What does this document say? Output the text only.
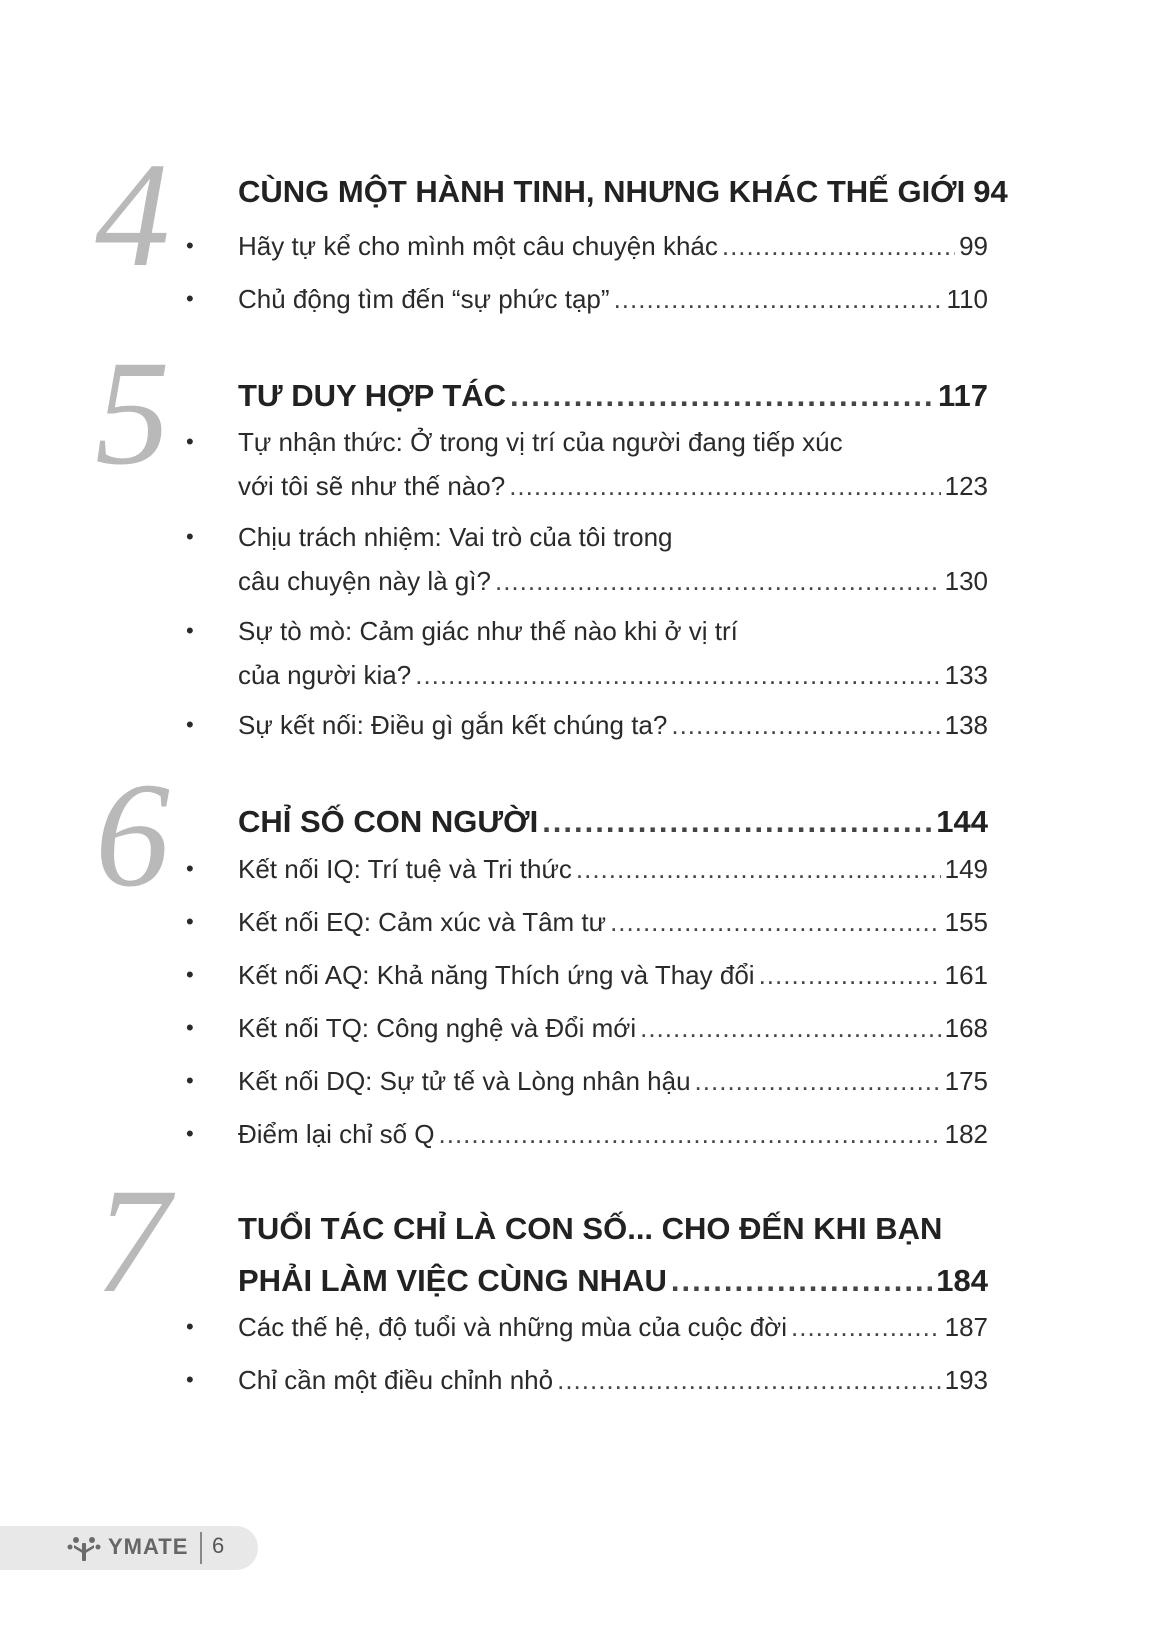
4 CÙNG MỘT HÀNH TINH, NHƯNG KHÁC THẾ GIỚI 94
• Hãy tự kể cho mình một câu chuyện khác .....	99
• Chủ động tìm đến “sự phức tạp” .....	110
5 TƯ DUY HỢP TÁC .....	117
• Tự nhận thức: Ở trong vị trí của người đang tiếp xúc
với tôi sẽ như thế nào? .....	123
• Chịu trách nhiệm: Vai trò của tôi trong
câu chuyện này là gì? .....	130
• Sự tò mò: Cảm giác như thế nào khi ở vị trí
của người kia? .....	133
• Sự kết nối: Điều gì gắn kết chúng ta? .....	138
6 CHỈ SỐ CON NGƯỜI .....	144
• Kết nối IQ: Trí tuệ và Tri thức .....	149
• Kết nối EQ: Cảm xúc và Tâm tư .....	155
• Kết nối AQ: Khả năng Thích ứng và Thay đổi .....	161
• Kết nối TQ: Công nghệ và Đổi mới .....	168
• Kết nối DQ: Sự tử tế và Lòng nhân hậu .....	175
• Điểm lại chỉ số Q .....	182
7 TUỔI TÁC CHỈ LÀ CON SỐ... CHO ĐẾN KHI BẠN
PHẢI LÀM VIỆC CÙNG NHAU .....	184
• Các thế hệ, độ tuổi và những mùa của cuộc đời .....	187
• Chỉ cần một điều chỉnh nhỏ .....	193
YMATE 6
